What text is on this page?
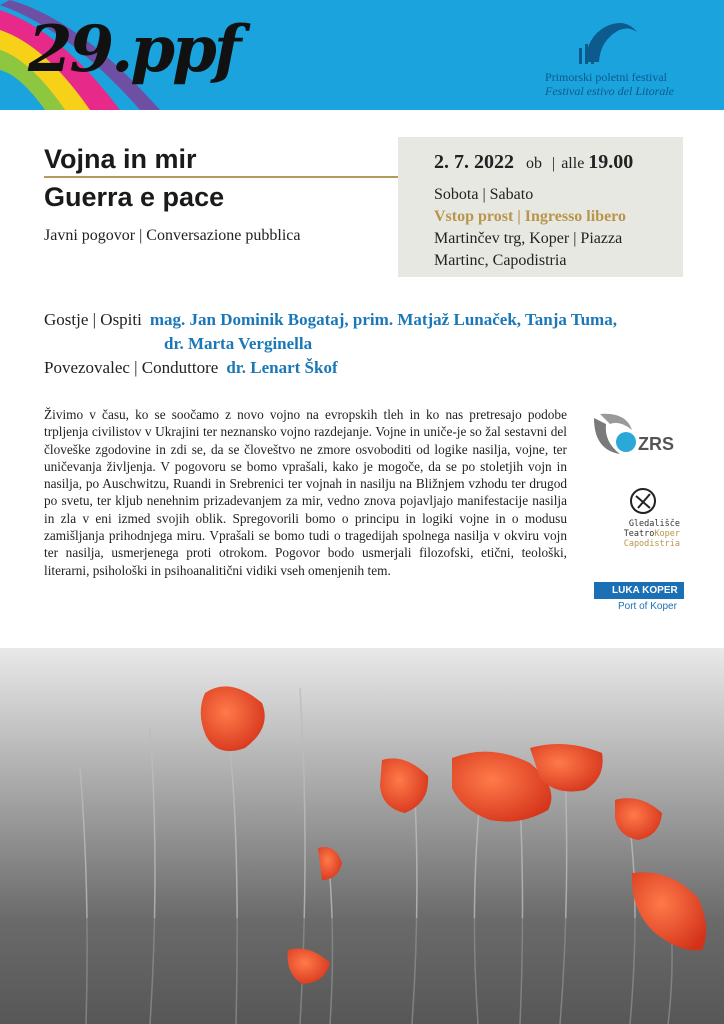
29.ppf	Primorski poletni festival
Festival estivo del Litorale
Vojna in mir
Guerra e pace
Javni pogovor | Conversazione pubblica
2. 7. 2022 ob | alle 19.00
Sobota | Sabato
Vstop prost | Ingresso libero
Martinčev trg, Koper | Piazza
Martinc, Capodistria
Gostje | Ospiti mag. Jan Dominik Bogataj, prim. Matjaž Lunaček, Tanja Tuma,
dr. Marta Verginella
Povezovalec | Conduttore dr. Lenart Škof
Živimo v času, ko se soočamo z novo vojno na evropskih tleh in ko nas pretresajo podobe trpljenja civilistov v Ukrajini ter neznansko vojno razdejanje. Vojne in uniče-je so žal sestavni del človeške zgodovine in zdi se, da se človeštvo ne zmore osvoboditi od logike nasilja, vojne, ter uničevanja življenja. V pogovoru se bomo vprašali, kako je mogoče, da se po stoletjih vojn in nasilja, po Auschwitzu, Ruandi in Srebrenici ter vojnah in nasilju na Bližnjem vzhodu ter drugod po svetu, ter kljub nenehnim prizadevanjem za mir, vedno znova pojavljajo manifestacije nasilja in zla v eni izmed svojih oblik. Spregovorili bomo o principu in logiki vojne in o modusu zamišljanja prihodnjega miru. Vprašali se bomo tudi o tragedijah spolnega nasilja v okviru vojn ter nasilja, usmerjenega proti otrokom. Pogovor bodo usmerjali filozofski, etični, teološki, literarni, psihološki in psihoanalitični vidiki vseh omenjenih tem.
ZRS
Gledališče
TeatroKoper
Capodistria
LUKA KOPER
Port of Koper
